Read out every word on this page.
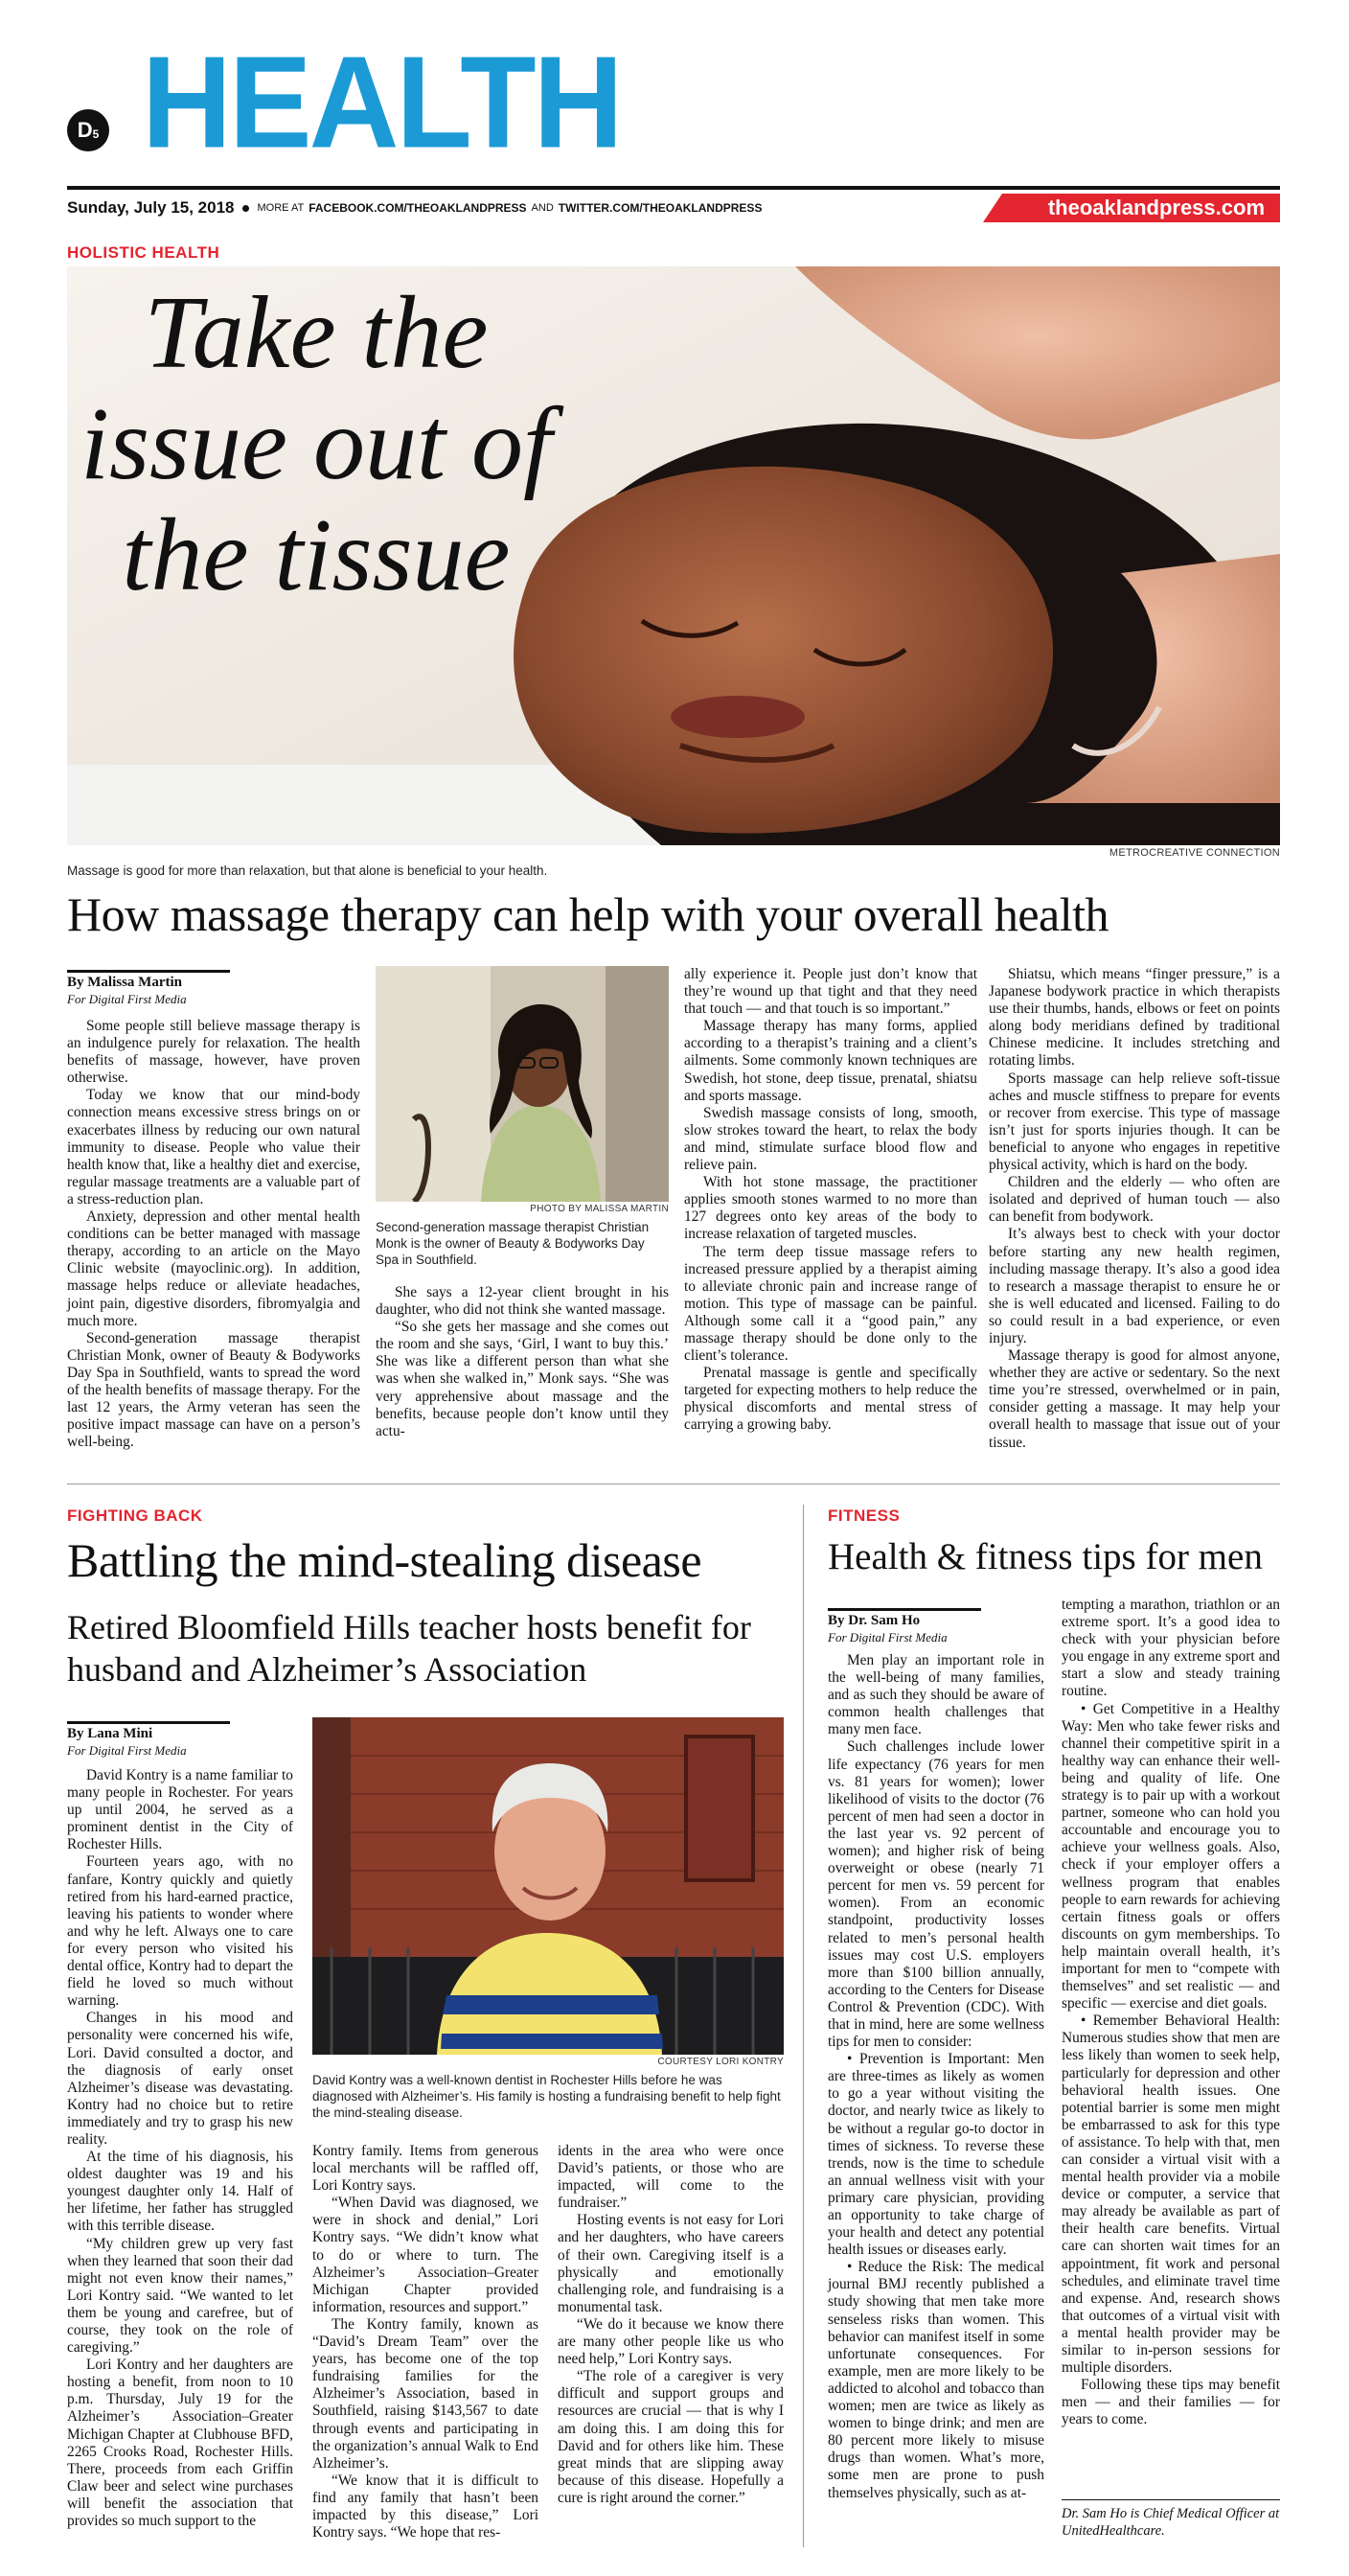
D 5 HEALTH
Sunday, July 15, 2018 MORE AT FACEBOOK.COM/THEOAKLANDPRESS AND TWITTER.COM/THEOAKLANDPRESS	theoaklandpress.com
HOLISTIC HEALTH
Take the issue out of the tissue
METROCREATIVE CONNECTION
Massage is good for more than relaxation, but that alone is beneficial to your health.
How massage therapy can help with your overall health
By Malissa Martin
For Digital First Media

Some people still believe massage therapy is an indulgence purely for relaxation. The health benefits of massage, however, have proven otherwise.

Today we know that our mind-body connection means excessive stress brings on or exacerbates illness by reducing our own natural immunity to disease. People who value their health know that, like a healthy diet and exercise, regular massage treatments are a valuable part of a stress-reduction plan.

Anxiety, depression and other mental health conditions can be better managed with massage therapy, according to an article on the Mayo Clinic website (mayoclinic.org). In addition, massage helps reduce or alleviate headaches, joint pain, digestive disorders, fibromyalgia and much more.

Second-generation massage therapist Christian Monk, owner of Beauty & Bodyworks Day Spa in Southfield, wants to spread the word of the health benefits of massage therapy. For the last 12 years, the Army veteran has seen the positive impact massage can have on a person’s well-being.

PHOTO BY MALISSA MARTIN
Second-generation massage therapist Christian Monk is the owner of Beauty & Bodyworks Day Spa in Southfield.

She says a 12-year client brought in his daughter, who did not think she wanted massage.

“So she gets her massage and she comes out the room and she says, ‘Girl, I want to buy this.’ She was like a different person than what she was when she walked in,” Monk says. “She was very apprehensive about massage and the benefits, because people don’t know until they actu-

ally experience it. People just don’t know that they’re wound up that tight and that they need that touch — and that touch is so important.”

Massage therapy has many forms, applied according to a therapist’s training and a client’s ailments. Some commonly known techniques are Swedish, hot stone, deep tissue, prenatal, shiatsu and sports massage.

Swedish massage consists of long, smooth, slow strokes toward the heart, to relax the body and mind, stimulate surface blood flow and relieve pain.

With hot stone massage, the practitioner applies smooth stones warmed to no more than 127 degrees onto key areas of the body to increase relaxation of targeted muscles.

The term deep tissue massage refers to increased pressure applied by a therapist aiming to alleviate chronic pain and increase range of motion. This type of massage can be painful. Although some call it a “good pain,” any massage therapy should be done only to the client’s tolerance.

Prenatal massage is gentle and specifically targeted for expecting mothers to help reduce the physical discomforts and mental stress of carrying a growing baby.

Shiatsu, which means “finger pressure,” is a Japanese bodywork practice in which therapists use their thumbs, hands, elbows or feet on points along body meridians defined by traditional Chinese medicine. It includes stretching and rotating limbs.

Sports massage can help relieve soft-tissue aches and muscle stiffness to prepare for events or recover from exercise. This type of massage isn’t just for sports injuries though. It can be beneficial to anyone who engages in repetitive physical activity, which is hard on the body.

Children and the elderly — who often are isolated and deprived of human touch — also can benefit from bodywork.

It’s always best to check with your doctor before starting any new health regimen, including massage therapy. It’s also a good idea to research a massage therapist to ensure he or she is well educated and licensed. Failing to do so could result in a bad experience, or even injury.

Massage therapy is good for almost anyone, whether they are active or sedentary. So the next time you’re stressed, overwhelmed or in pain, consider getting a massage. It may help your overall health to massage that issue out of your tissue.

FIGHTING BACK
Battling the mind-stealing disease
Retired Bloomfield Hills teacher hosts benefit for husband and Alzheimer’s Association
By Lana Mini
For Digital First Media

David Kontry is a name familiar to many people in Rochester. For years up until 2004, he served as a prominent dentist in the City of Rochester Hills.

Fourteen years ago, with no fanfare, Kontry quickly and quietly retired from his hard-earned practice, leaving his patients to wonder where and why he left. Always one to care for every person who visited his dental office, Kontry had to depart the field he loved so much without warning.

Changes in his mood and personality were concerned his wife, Lori. David consulted a doctor, and the diagnosis of early onset Alzheimer’s disease was devastating. Kontry had no choice but to retire immediately and try to grasp his new reality.

At the time of his diagnosis, his oldest daughter was 19 and his youngest daughter only 14. Half of her lifetime, her father has struggled with this terrible disease.

“My children grew up very fast when they learned that soon their dad might not even know their names,” Lori Kontry said. “We wanted to let them be young and carefree, but of course, they took on the role of caregiving.”

Lori Kontry and her daughters are hosting a benefit, from noon to 10 p.m. Thursday, July 19 for the Alzheimer’s Association–Greater Michigan Chapter at Clubhouse BFD, 2265 Crooks Road, Rochester Hills. There, proceeds from each Griffin Claw beer and select wine purchases will benefit the association that provides so much support to the

COURTESY LORI KONTRY
David Kontry was a well-known dentist in Rochester Hills before he was diagnosed with Alzheimer’s. His family is hosting a fundraising benefit to help fight the mind-stealing disease.

Kontry family. Items from generous local merchants will be raffled off, Lori Kontry says.

“When David was diagnosed, we were in shock and denial,” Lori Kontry says. “We didn’t know what to do or where to turn. The Alzheimer’s Association–Greater Michigan Chapter provided information, resources and support.”

The Kontry family, known as “David’s Dream Team” over the years, has become one of the top fundraising families for the Alzheimer’s Association, based in Southfield, raising $143,567 to date through events and participating in the organization’s annual Walk to End Alzheimer’s.

“We know that it is difficult to find any family that hasn’t been impacted by this disease,” Lori Kontry says. “We hope that res-

idents in the area who were once David’s patients, or those who are impacted, will come to the fundraiser.”

Hosting events is not easy for Lori and her daughters, who have careers of their own. Caregiving itself is a physically and emotionally challenging role, and fundraising is a monumental task.

“We do it because we know there are many other people like us who need help,” Lori Kontry says.

“The role of a caregiver is very difficult and support groups and resources are crucial — that is why I am doing this. I am doing this for David and for others like him. These great minds that are slipping away because of this disease. Hopefully a cure is right around the corner.”

FITNESS
Health & fitness tips for men
By Dr. Sam Ho
For Digital First Media

Men play an important role in the well-being of many families, and as such they should be aware of common health challenges that many men face.

Such challenges include lower life expectancy (76 years for men vs. 81 years for women); lower likelihood of visits to the doctor (76 percent of men had seen a doctor in the last year vs. 92 percent of women); and higher risk of being overweight or obese (nearly 71 percent for men vs. 59 percent for women). From an economic standpoint, productivity losses related to men’s personal health issues may cost U.S. employers more than $100 billion annually, according to the Centers for Disease Control & Prevention (CDC). With that in mind, here are some wellness tips for men to consider:

• Prevention is Important: Men are three-times as likely as women to go a year without visiting the doctor, and nearly twice as likely to be without a regular go-to doctor in times of sickness. To reverse these trends, now is the time to schedule an annual wellness visit with your primary care physician, providing an opportunity to take charge of your health and detect any potential health issues or diseases early.

• Reduce the Risk: The medical journal BMJ recently published a study showing that men take more senseless risks than women. This behavior can manifest itself in some unfortunate consequences. For example, men are more likely to be addicted to alcohol and tobacco than women; men are twice as likely as women to binge drink; and men are 80 percent more likely to misuse drugs than women. What’s more, some men are prone to push themselves physically, such as at-

tempting a marathon, triathlon or an extreme sport. It’s a good idea to check with your physician before you engage in any extreme sport and start a slow and steady training routine.

• Get Competitive in a Healthy Way: Men who take fewer risks and channel their competitive spirit in a healthy way can enhance their well-being and quality of life. One strategy is to pair up with a workout partner, someone who can hold you accountable and encourage you to achieve your wellness goals. Also, check if your employer offers a wellness program that enables people to earn rewards for achieving certain fitness goals or offers discounts on gym memberships. To help maintain overall health, it’s important for men to “compete with themselves” and set realistic — and specific — exercise and diet goals.

• Remember Behavioral Health: Numerous studies show that men are less likely than women to seek help, particularly for depression and other behavioral health issues. One potential barrier is some men might be embarrassed to ask for this type of assistance. To help with that, men can consider a virtual visit with a mental health provider via a mobile device or computer, a service that may already be available as part of their health care benefits. Virtual care can shorten wait times for an appointment, fit work and personal schedules, and eliminate travel time and expense. And, research shows that outcomes of a virtual visit with a mental health provider may be similar to in-person sessions for multiple disorders.

Following these tips may benefit men — and their families — for years to come.

Dr. Sam Ho is Chief Medical Officer at UnitedHealthcare.
